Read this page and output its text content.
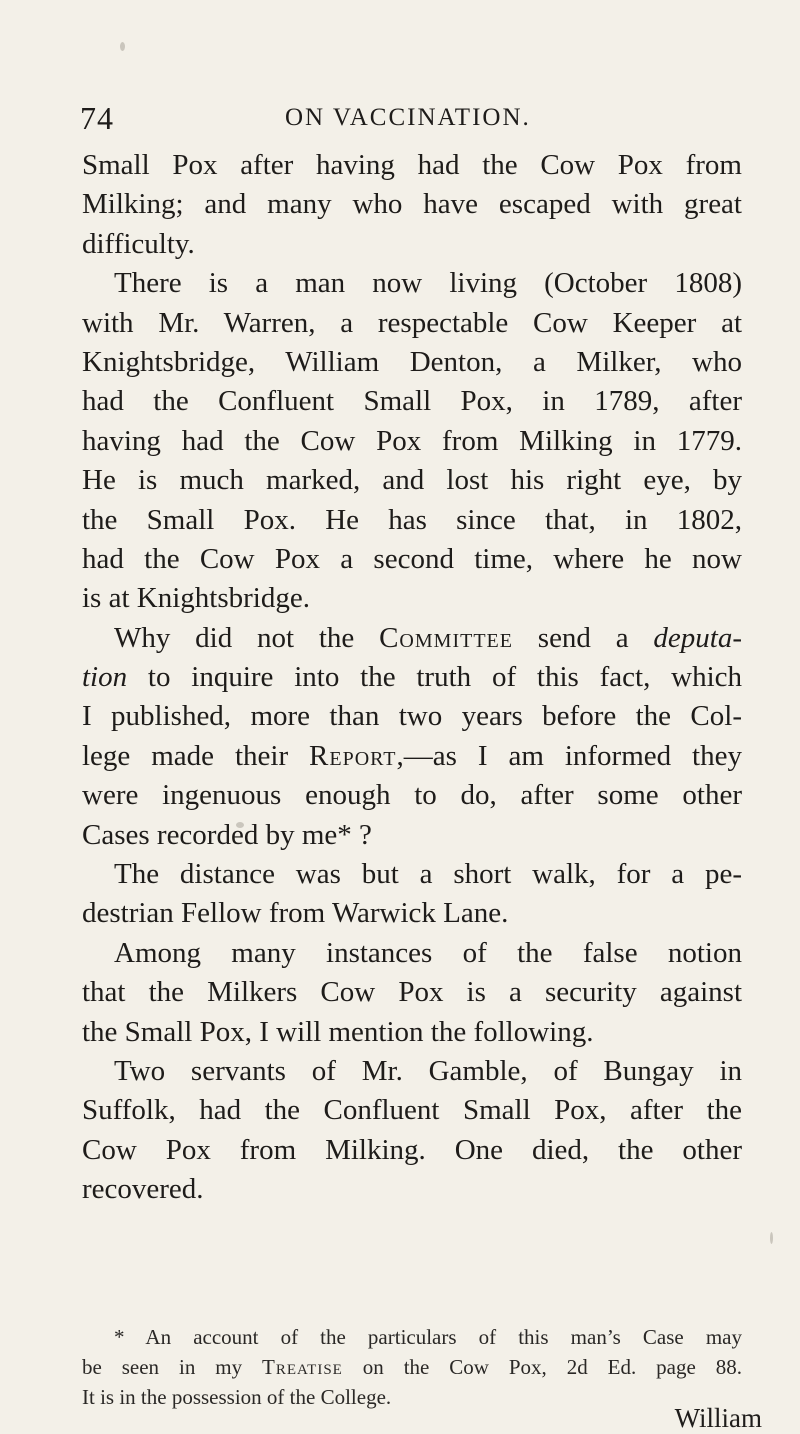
74	ON VACCINATION.
Small Pox after having had the Cow Pox from
Milking; and many who have escaped with great
difficulty.
There is a man now living (October 1808)
with Mr. Warren, a respectable Cow Keeper at
Knightsbridge, William Denton, a Milker, who
had the Confluent Small Pox, in 1789, after
having had the Cow Pox from Milking in 1779.
He is much marked, and lost his right eye, by
the Small Pox. He has since that, in 1802,
had the Cow Pox a second time, where he now
is at Knightsbridge.
Why did not the Committee send a deputa-
tion to inquire into the truth of this fact, which
I published, more than two years before the Col-
lege made their Report,—as I am informed they
were ingenuous enough to do, after some other
Cases recorded by me* ?
The distance was but a short walk, for a pe-
destrian Fellow from Warwick Lane.
Among many instances of the false notion
that the Milkers Cow Pox is a security against
the Small Pox, I will mention the following.
Two servants of Mr. Gamble, of Bungay in
Suffolk, had the Confluent Small Pox, after the
Cow Pox from Milking. One died, the other
recovered.
* An account of the particulars of this man’s Case may
be seen in my Treatise on the Cow Pox, 2d Ed. page 88.
It is in the possession of the College.
William
